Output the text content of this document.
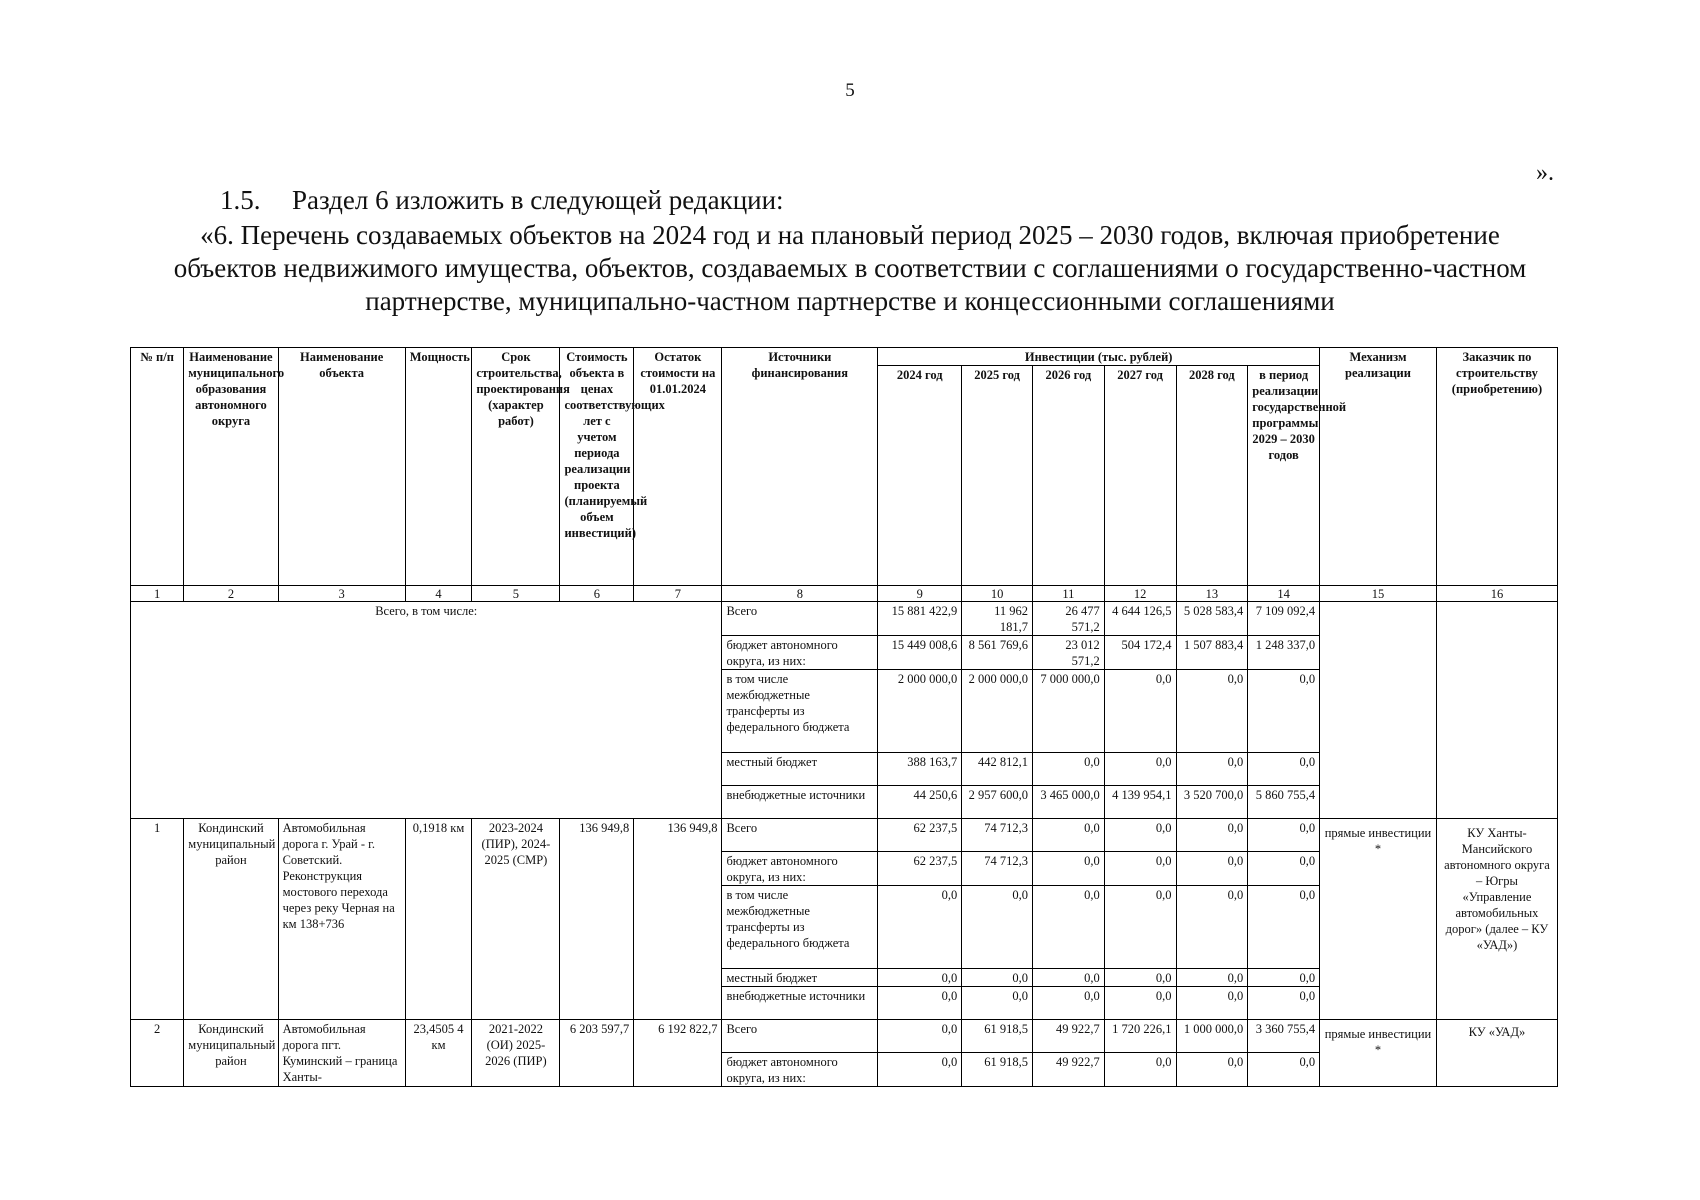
5
».
1.5. Раздел 6 изложить в следующей редакции:
«6. Перечень создаваемых объектов на 2024 год и на плановый период 2025 – 2030 годов, включая приобретение объектов недвижимого имущества, объектов, создаваемых в соответствии с соглашениями о государственно-частном партнерстве, муниципально-частном партнерстве и концессионными соглашениями
№ п/п	Наименование муниципального образования автономного округа	Наименование объекта	Мощность	Срок строительства, проектирования (характер работ)	Стоимость объекта в ценах соответствующих лет с учетом периода реализации проекта (планируемый объем инвестиций)	Остаток стоимости на 01.01.2024	Источники финансирования	Инвестиции (тыс. рублей)						Механизм реализации	Заказчик по строительству (приобретению)
								2024 год	2025 год	2026 год	2027 год	2028 год	в период реализации государственной программы 2029 – 2030 годов		
1	2	3	4	5	6	7	8	9	10	11	12	13	14	15	16
Всего, в том числе:							Всего	15 881 422,9	11 962 181,7	26 477 571,2	4 644 126,5	5 028 583,4	7 109 092,4		
							бюджет автономного округа, из них:	15 449 008,6	8 561 769,6	23 012 571,2	504 172,4	1 507 883,4	1 248 337,0		
							в том числе межбюджетные трансферты из федерального бюджета	2 000 000,0	2 000 000,0	7 000 000,0	0,0	0,0	0,0		
							местный бюджет	388 163,7	442 812,1	0,0	0,0	0,0	0,0		
							внебюджетные источники	44 250,6	2 957 600,0	3 465 000,0	4 139 954,1	3 520 700,0	5 860 755,4		
1	Кондинский муниципальный район	Автомобильная дорога г. Урай - г. Советский. Реконструкция мостового перехода через реку Черная на км 138+736	0,1918 км	2023-2024 (ПИР), 2024-2025 (СМР)	136 949,8	136 949,8	Всего	62 237,5	74 712,3	0,0	0,0	0,0	0,0	прямые инвестиции *	КУ Ханты-Мансийского автономного округа – Югры «Управление автомобильных дорог» (далее – КУ «УАД»)
							бюджет автономного округа, из них:	62 237,5	74 712,3	0,0	0,0	0,0	0,0		
							в том числе межбюджетные трансферты из федерального бюджета	0,0	0,0	0,0	0,0	0,0	0,0		
							местный бюджет	0,0	0,0	0,0	0,0	0,0	0,0		
							внебюджетные источники	0,0	0,0	0,0	0,0	0,0	0,0		
2	Кондинский муниципальный район	Автомобильная дорога пгт. Куминский – граница Ханты-	23,4505 4 км	2021-2022 (ОИ) 2025-2026 (ПИР)	6 203 597,7	6 192 822,7	Всего	0,0	61 918,5	49 922,7	1 720 226,1	1 000 000,0	3 360 755,4	прямые инвестиции *	КУ «УАД»
							бюджет автономного округа, из них:	0,0	61 918,5	49 922,7	0,0	0,0	0,0		
